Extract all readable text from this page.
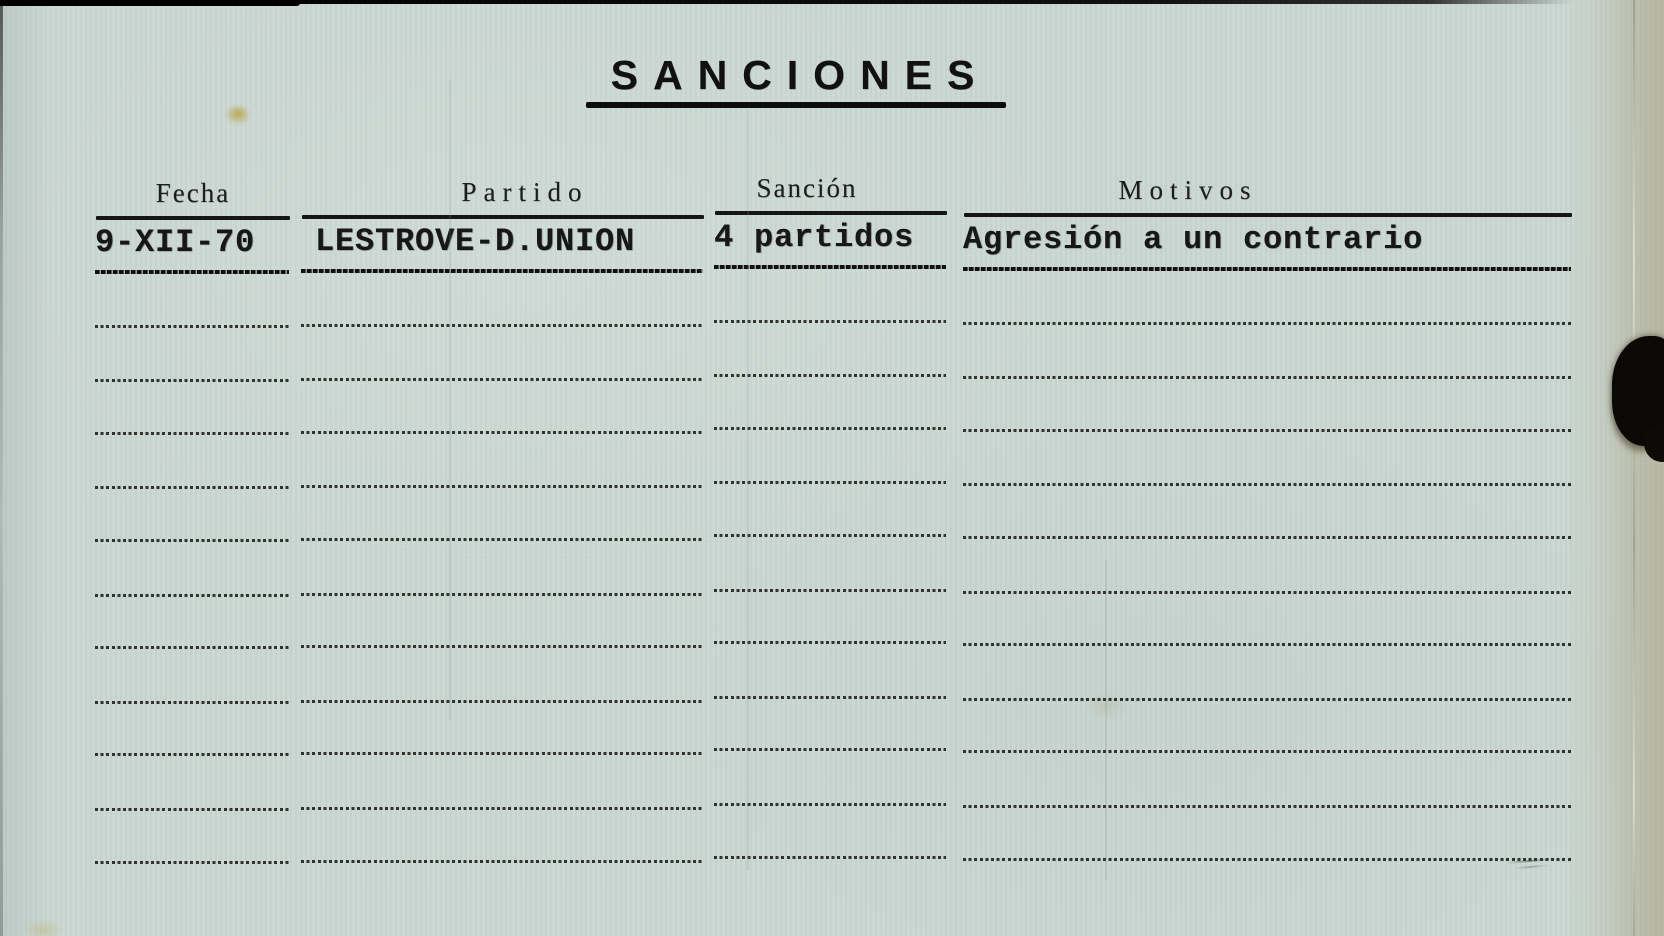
SANCIONES
Fecha
9-XII-70
Partido
LESTROVE-D.UNION
Sanción
4 partidos
Motivos
Agresión a un contrario
